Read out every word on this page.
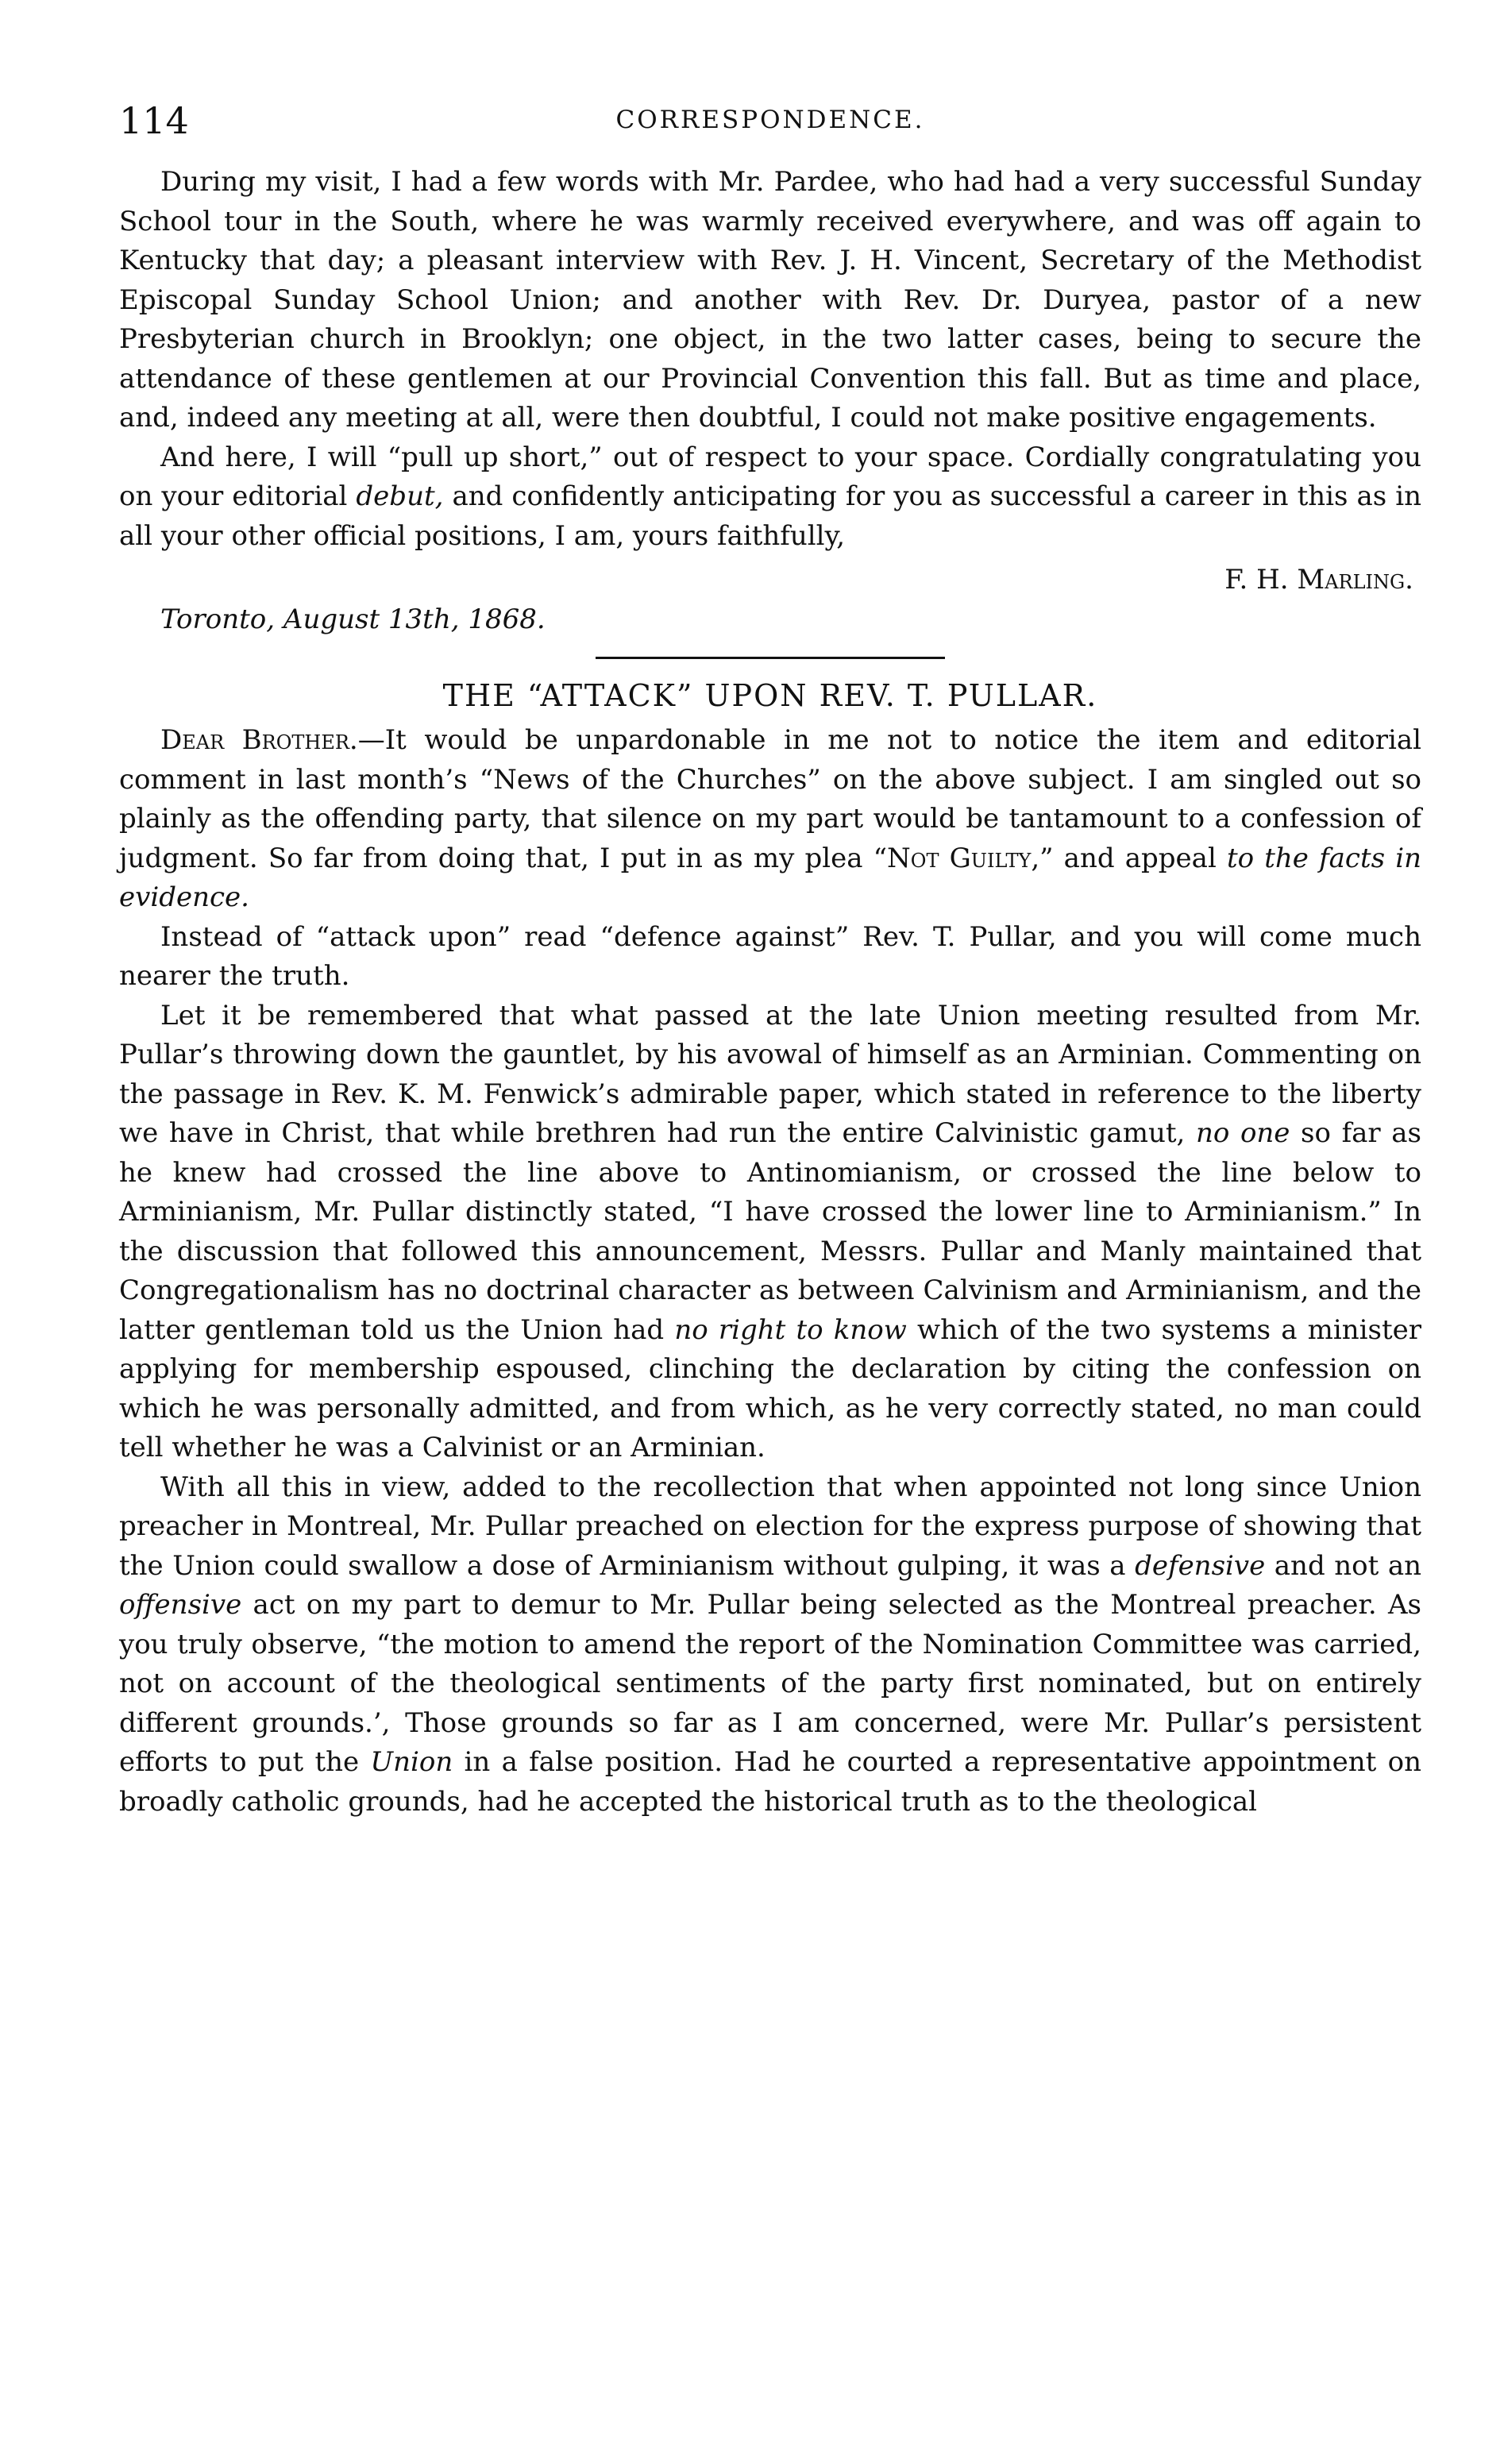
114	CORRESPONDENCE.

During my visit, I had a few words with Mr. Pardee, who had had a very successful Sunday School tour in the South, where he was warmly received everywhere, and was off again to Kentucky that day; a pleasant interview with Rev. J. H. Vincent, Secretary of the Methodist Episcopal Sunday School Union; and another with Rev. Dr. Duryea, pastor of a new Presbyterian church in Brooklyn; one object, in the two latter cases, being to secure the attendance of these gentlemen at our Provincial Convention this fall. But as time and place, and, indeed any meeting at all, were then doubtful, I could not make positive engagements.

And here, I will “pull up short,” out of respect to your space. Cordially congratulating you on your editorial debut, and confidently anticipating for you as successful a career in this as in all your other official positions, I am, yours faithfully,

F. H. Marling.
Toronto, August 13th, 1868.
THE “ATTACK” UPON REV. T. PULLAR.

Dear Brother.—It would be unpardonable in me not to notice the item and editorial comment in last month’s “News of the Churches” on the above subject. I am singled out so plainly as the offending party, that silence on my part would be tantamount to a confession of judgment. So far from doing that, I put in as my plea “Not Guilty,” and appeal to the facts in evidence.

Instead of “attack upon” read “defence against” Rev. T. Pullar, and you will come much nearer the truth.

Let it be remembered that what passed at the late Union meeting resulted from Mr. Pullar’s throwing down the gauntlet, by his avowal of himself as an Arminian. Commenting on the passage in Rev. K. M. Fenwick’s admirable paper, which stated in reference to the liberty we have in Christ, that while brethren had run the entire Calvinistic gamut, no one so far as he knew had crossed the line above to Antinomianism, or crossed the line below to Arminianism, Mr. Pullar distinctly stated, “I have crossed the lower line to Arminianism.” In the discussion that followed this announcement, Messrs. Pullar and Manly maintained that Congregationalism has no doctrinal character as between Calvinism and Arminianism, and the latter gentleman told us the Union had no right to know which of the two systems a minister applying for membership espoused, clinching the declaration by citing the confession on which he was personally admitted, and from which, as he very correctly stated, no man could tell whether he was a Calvinist or an Arminian.

With all this in view, added to the recollection that when appointed not long since Union preacher in Montreal, Mr. Pullar preached on election for the express purpose of showing that the Union could swallow a dose of Arminianism without gulping, it was a defensive and not an offensive act on my part to demur to Mr. Pullar being selected as the Montreal preacher. As you truly observe, “the motion to amend the report of the Nomination Committee was carried, not on account of the theological sentiments of the party first nominated, but on entirely different grounds.’, Those grounds so far as I am concerned, were Mr. Pullar’s persistent efforts to put the Union in a false position. Had he courted a representative appointment on broadly catholic grounds, had he accepted the historical truth as to the theological
